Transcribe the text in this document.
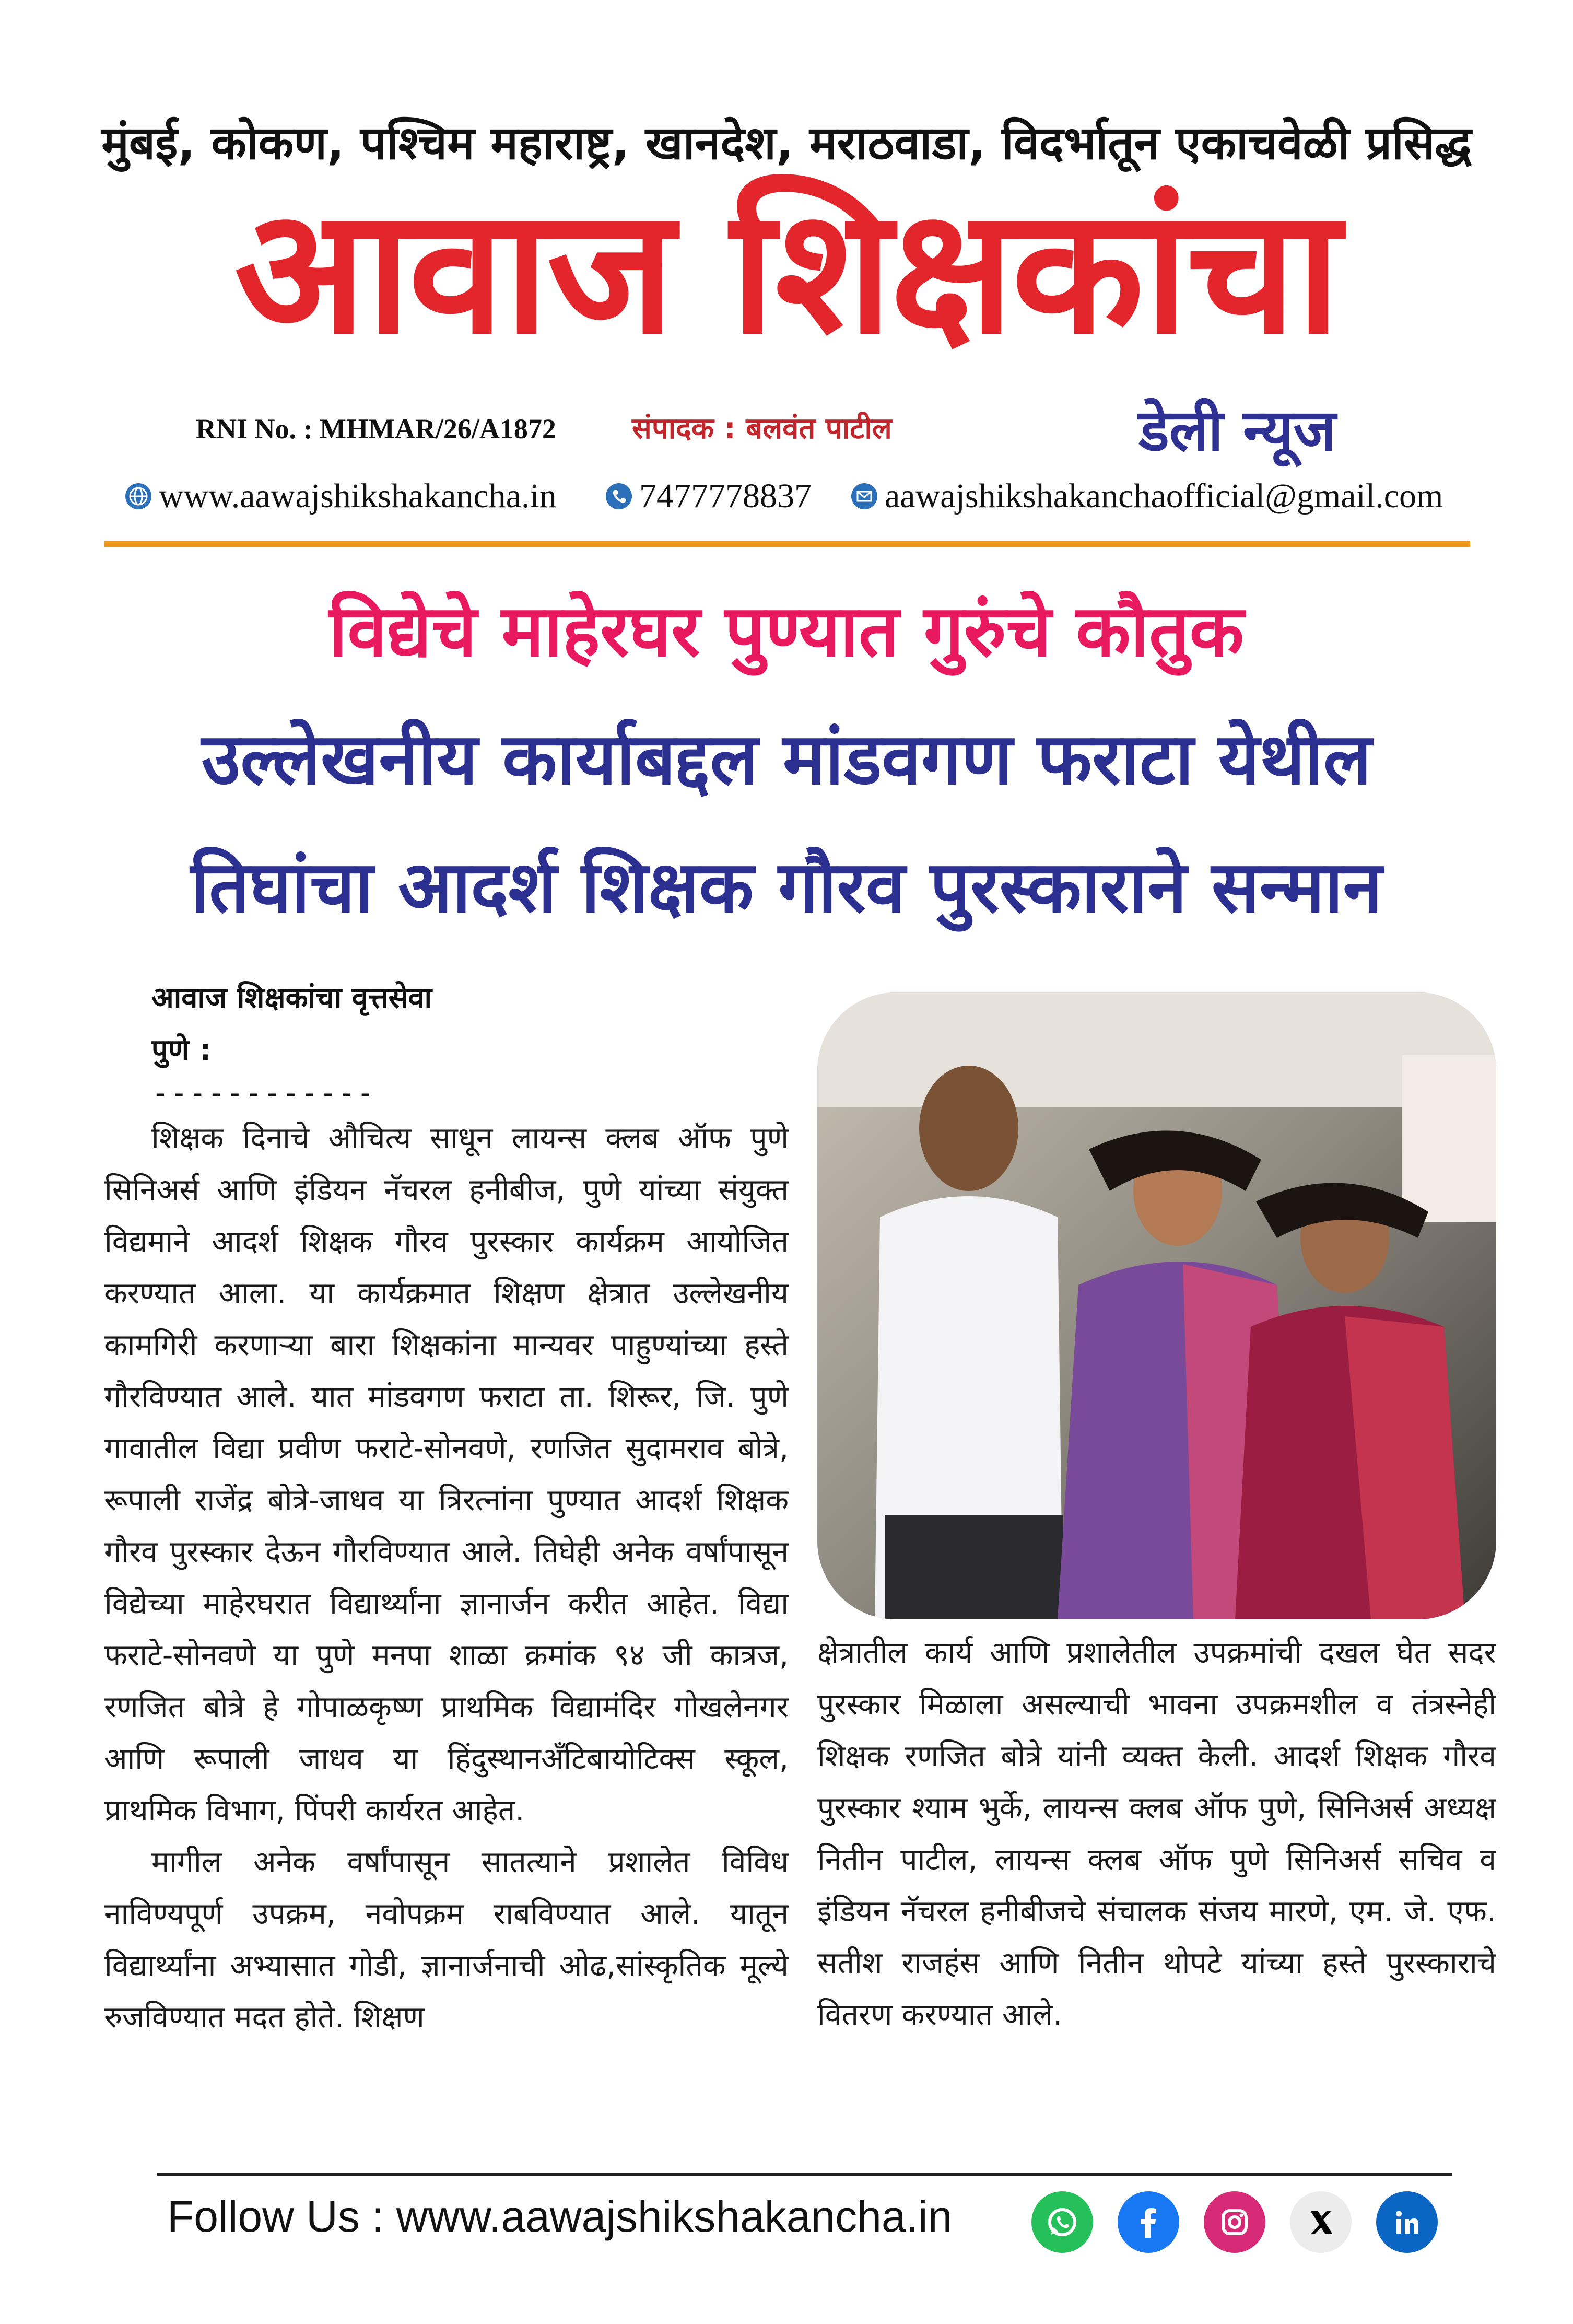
मुंबई, कोकण, पश्चिम महाराष्ट्र, खानदेश, मराठवाडा, विदर्भातून एकाचवेळी प्रसिद्ध
आवाज शिक्षकांचा
RNI No. : MHMAR/26/A1872	संपादक : बलवंत पाटील	डेली न्यूज
www.aawajshikshakancha.in 7477778837 aawajshikshakanchaofficial@gmail.com
विद्येचे माहेरघर पुण्यात गुरुंचे कौतुक
उल्लेखनीय कार्याबद्दल मांडवगण फराटा येथील
तिघांचा आदर्श शिक्षक गौरव पुरस्काराने सन्मान
आवाज शिक्षकांचा वृत्तसेवा
पुणे :
------------

शिक्षक दिनाचे औचित्य साधून लायन्स क्लब ऑफ पुणे सिनिअर्स आणि इंडियन नॅचरल हनीबीज, पुणे यांच्या संयुक्त विद्यमाने आदर्श शिक्षक गौरव पुरस्कार कार्यक्रम आयोजित करण्यात आला. या कार्यक्रमात शिक्षण क्षेत्रात उल्लेखनीय कामगिरी करणाऱ्या बारा शिक्षकांना मान्यवर पाहुण्यांच्या हस्ते गौरविण्यात आले. यात मांडवगण फराटा ता. शिरूर, जि. पुणे गावातील विद्या प्रवीण फराटे-सोनवणे, रणजित सुदामराव बोत्रे, रूपाली राजेंद्र बोत्रे-जाधव या त्रिरत्नांना पुण्यात आदर्श शिक्षक गौरव पुरस्कार देऊन गौरविण्यात आले. तिघेही अनेक वर्षांपासून विद्येच्या माहेरघरात विद्यार्थ्यांना ज्ञानार्जन करीत आहेत. विद्या फराटे-सोनवणे या पुणे मनपा शाळा क्रमांक ९४ जी कात्रज, रणजित बोत्रे हे गोपाळकृष्ण प्राथमिक विद्यामंदिर गोखलेनगर आणि रूपाली जाधव या हिंदुस्थानअँटिबायोटिक्स स्कूल, प्राथमिक विभाग, पिंपरी कार्यरत आहेत.

मागील अनेक वर्षांपासून सातत्याने प्रशालेत विविध नाविण्यपूर्ण उपक्रम, नवोपक्रम राबविण्यात आले. यातून विद्यार्थ्यांना अभ्यासात गोडी, ज्ञानार्जनाची ओढ,सांस्कृतिक मूल्ये रुजविण्यात मदत होते. शिक्षण

क्षेत्रातील कार्य आणि प्रशालेतील उपक्रमांची दखल घेत सदर पुरस्कार मिळाला असल्याची भावना उपक्रमशील व तंत्रस्नेही शिक्षक रणजित बोत्रे यांनी व्यक्त केली. आदर्श शिक्षक गौरव पुरस्कार श्याम भुर्के, लायन्स क्लब ऑफ पुणे, सिनिअर्स अध्यक्ष नितीन पाटील, लायन्स क्लब ऑफ पुणे सिनिअर्स सचिव व इंडियन नॅचरल हनीबीजचे संचालक संजय मारणे, एम. जे. एफ. सतीश राजहंस आणि नितीन थोपटे यांच्या हस्ते पुरस्काराचे वितरण करण्यात आले.

Follow Us : www.aawajshikshakancha.in
